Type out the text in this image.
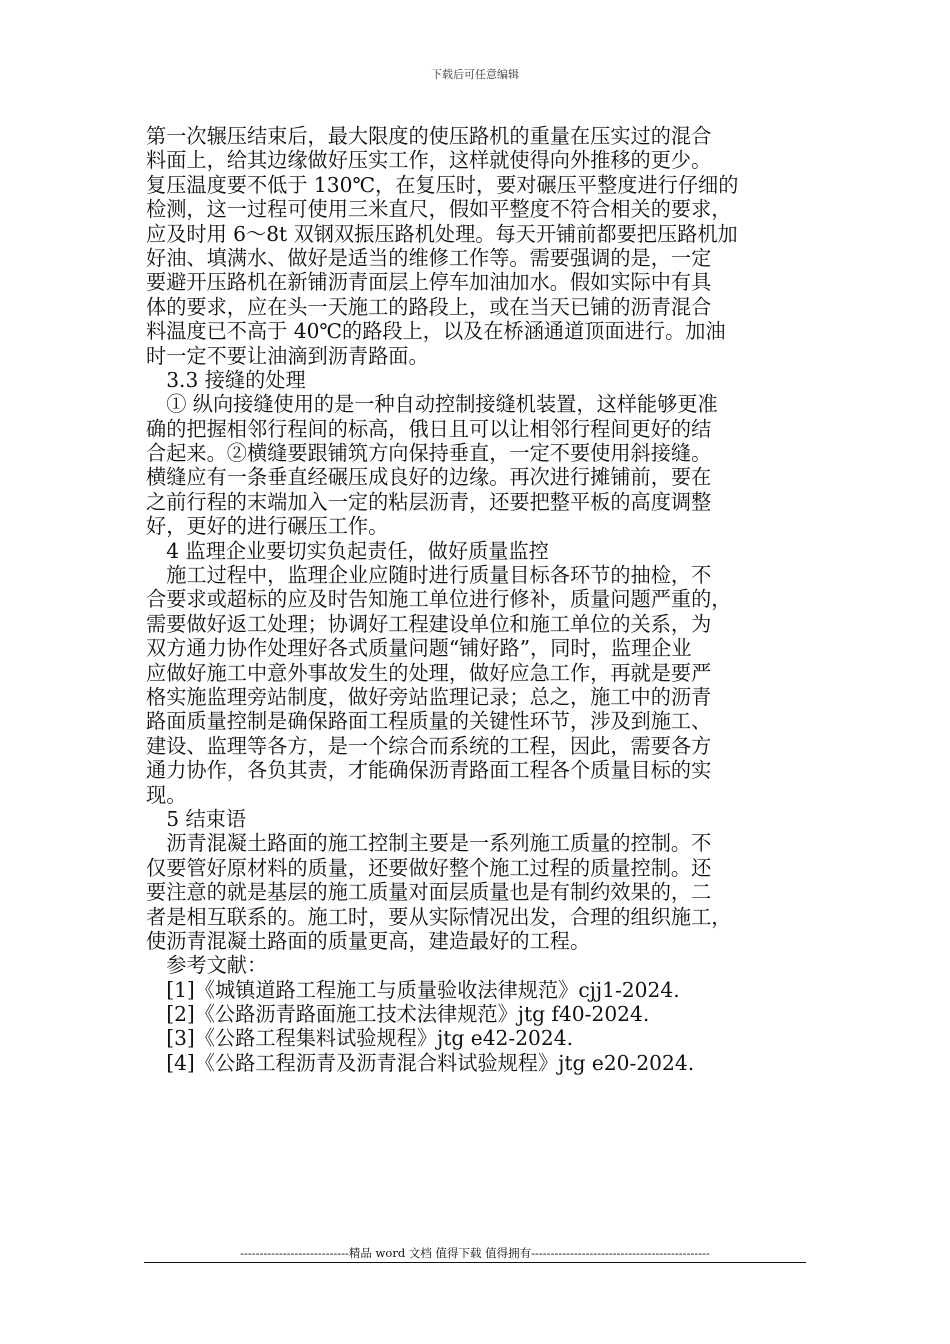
下载后可任意编辑
第一次辗压结束后，最大限度的使压路机的重量在压实过的混合
料面上，给其边缘做好压实工作，这样就使得向外推移的更少。
复压温度要不低于 130℃，在复压时，要对碾压平整度进行仔细的
检测，这一过程可使用三米直尺，假如平整度不符合相关的要求，
应及时用 6～8t 双钢双振压路机处理。每天开铺前都要把压路机加
好油、填满水、做好是适当的维修工作等。需要强调的是，一定
要避开压路机在新铺沥青面层上停车加油加水。假如实际中有具
体的要求，应在头一天施工的路段上，或在当天已铺的沥青混合
料温度已不高于 40℃的路段上，以及在桥涵通道顶面进行。加油
时一定不要让油滴到沥青路面。
　3.3 接缝的处理
　① 纵向接缝使用的是一种自动控制接缝机装置，这样能够更准
确的把握相邻行程间的标高，俄日且可以让相邻行程间更好的结
合起来。②横缝要跟铺筑方向保持垂直，一定不要使用斜接缝。
横缝应有一条垂直经碾压成良好的边缘。再次进行摊铺前，要在
之前行程的末端加入一定的粘层沥青，还要把整平板的高度调整
好，更好的进行碾压工作。
　4 监理企业要切实负起责任，做好质量监控
　施工过程中，监理企业应随时进行质量目标各环节的抽检，不
合要求或超标的应及时告知施工单位进行修补，质量问题严重的，
需要做好返工处理；协调好工程建设单位和施工单位的关系，为
双方通力协作处理好各式质量问题“铺好路”，同时，监理企业
应做好施工中意外事故发生的处理，做好应急工作，再就是要严
格实施监理旁站制度，做好旁站监理记录；总之，施工中的沥青
路面质量控制是确保路面工程质量的关键性环节，涉及到施工、
建设、监理等各方，是一个综合而系统的工程，因此，需要各方
通力协作，各负其责，才能确保沥青路面工程各个质量目标的实
现。
　5 结束语
　沥青混凝土路面的施工控制主要是一系列施工质量的控制。不
仅要管好原材料的质量，还要做好整个施工过程的质量控制。还
要注意的就是基层的施工质量对面层质量也是有制约效果的，二
者是相互联系的。施工时，要从实际情况出发，合理的组织施工，
使沥青混凝土路面的质量更高，建造最好的工程。
　参考文献：
　[1]《城镇道路工程施工与质量验收法律规范》cjj1-2024.
　[2]《公路沥青路面施工技术法律规范》jtg f40-2024.
　[3]《公路工程集料试验规程》jtg e42-2024.
　[4]《公路工程沥青及沥青混合料试验规程》jtg e20-2024.
----------------------------精品 word 文档 值得下载 值得拥有----------------------------------------------
